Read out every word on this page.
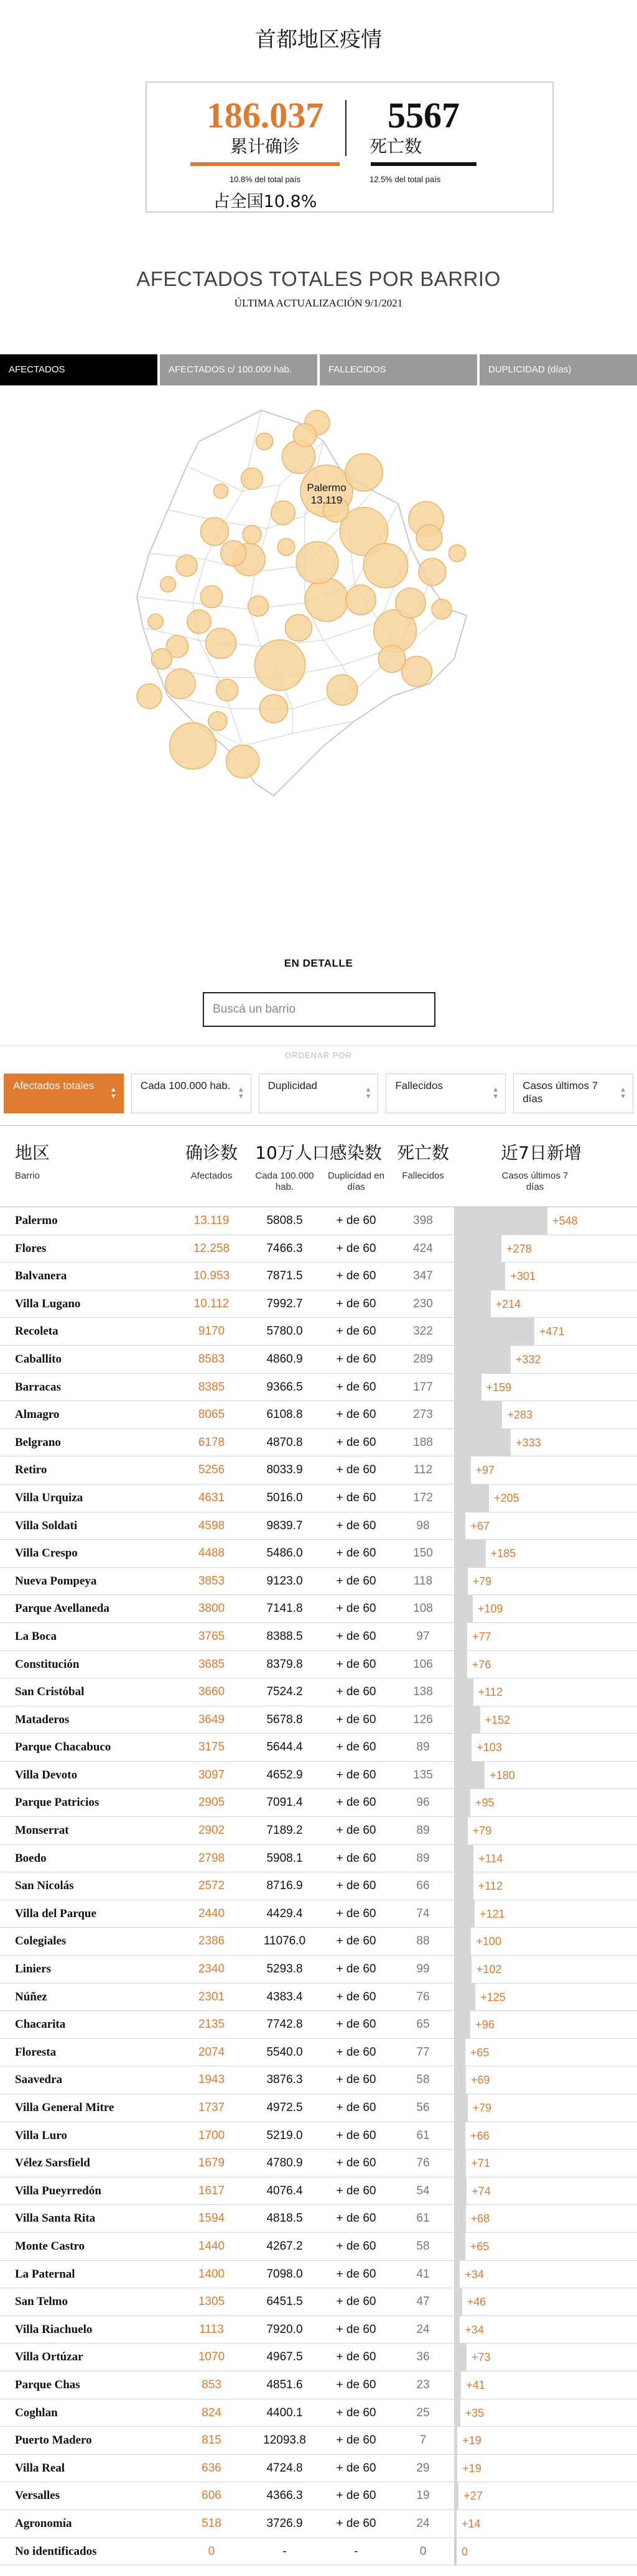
首都地区疫情
186.037
累计确诊
10.8% del total país
占全国10.8%
5567
死亡数
12.5% del total país
AFECTADOS TOTALES POR BARRIO
ÚLTIMA ACTUALIZACIÓN 9/1/2021
AFECTADOS	AFECTADOS c/ 100.000 hab.	FALLECIDOS	DUPLICIDAD (días)
Palermo
13.119
EN DETALLE
Buscá un barrio
ORDENAR POR
Afectados totales ▲
▼
Cada 100.000 hab. ▲
▼
Duplicidad	▲
▼
Fallecidos	▲
▼
Casos últimos 7 días
▲
▼
地区	确诊数	10万人口感染数 死亡数	近7日新增
Barrio	Afectados	Cada 100.000 hab.
Duplicidad en días
Fallecidos	Casos últimos 7 días
Palermo	13.119	5808.5	+ de 60	398	+548
Flores	12.258	7466.3	+ de 60	424	+278
Balvanera	10.953	7871.5	+ de 60	347	+301
Villa Lugano	10.112	7992.7	+ de 60	230	+214
Recoleta	9170	5780.0	+ de 60	322	+471
Caballito	8583	4860.9	+ de 60	289	+332
Barracas	8385	9366.5	+ de 60	177	+159
Almagro	8065	6108.8	+ de 60	273	+283
Belgrano	6178	4870.8	+ de 60	188	+333
Retiro	5256	8033.9	+ de 60	112	+97
Villa Urquiza	4631	5016.0	+ de 60	172	+205
Villa Soldati	4598	9839.7	+ de 60	98	+67
Villa Crespo	4488	5486.0	+ de 60	150	+185
Nueva Pompeya	3853	9123.0	+ de 60	118	+79
Parque Avellaneda	3800	7141.8	+ de 60	108	+109
La Boca	3765	8388.5	+ de 60	97	+77
Constitución	3685	8379.8	+ de 60	106	+76
San Cristóbal	3660	7524.2	+ de 60	138	+112
Mataderos	3649	5678.8	+ de 60	126	+152
Parque Chacabuco	3175	5644.4	+ de 60	89	+103
Villa Devoto	3097	4652.9	+ de 60	135	+180
Parque Patricios	2905	7091.4	+ de 60	96	+95
Monserrat	2902	7189.2	+ de 60	89	+79
Boedo	2798	5908.1	+ de 60	89	+114
San Nicolás	2572	8716.9	+ de 60	66	+112
Villa del Parque	2440	4429.4	+ de 60	74	+121
Colegiales	2386	11076.0	+ de 60	88	+100
Liniers	2340	5293.8	+ de 60	99	+102
Núñez	2301	4383.4	+ de 60	76	+125
Chacarita	2135	7742.8	+ de 60	65	+96
Floresta	2074	5540.0	+ de 60	77	+65
Saavedra	1943	3876.3	+ de 60	58	+69
Villa General Mitre	1737	4972.5	+ de 60	56	+79
Villa Luro	1700	5219.0	+ de 60	61	+66
Vélez Sarsfield	1679	4780.9	+ de 60	76	+71
Villa Pueyrredón	1617	4076.4	+ de 60	54	+74
Villa Santa Rita	1594	4818.5	+ de 60	61	+68
Monte Castro	1440	4267.2	+ de 60	58	+65
La Paternal	1400	7098.0	+ de 60	41	+34
San Telmo	1305	6451.5	+ de 60	47	+46
Villa Riachuelo	1113	7920.0	+ de 60	24	+34
Villa Ortúzar	1070	4967.5	+ de 60	36	+73
Parque Chas	853	4851.6	+ de 60	23	+41
Coghlan	824	4400.1	+ de 60	25	+35
Puerto Madero	815	12093.8	+ de 60	7	+19
Villa Real	636	4724.8	+ de 60	29	+19
Versalles	606	4366.3	+ de 60	19	+27
Agronomía	518	3726.9	+ de 60	24	+14
No identificados	0	-	-	0	0
